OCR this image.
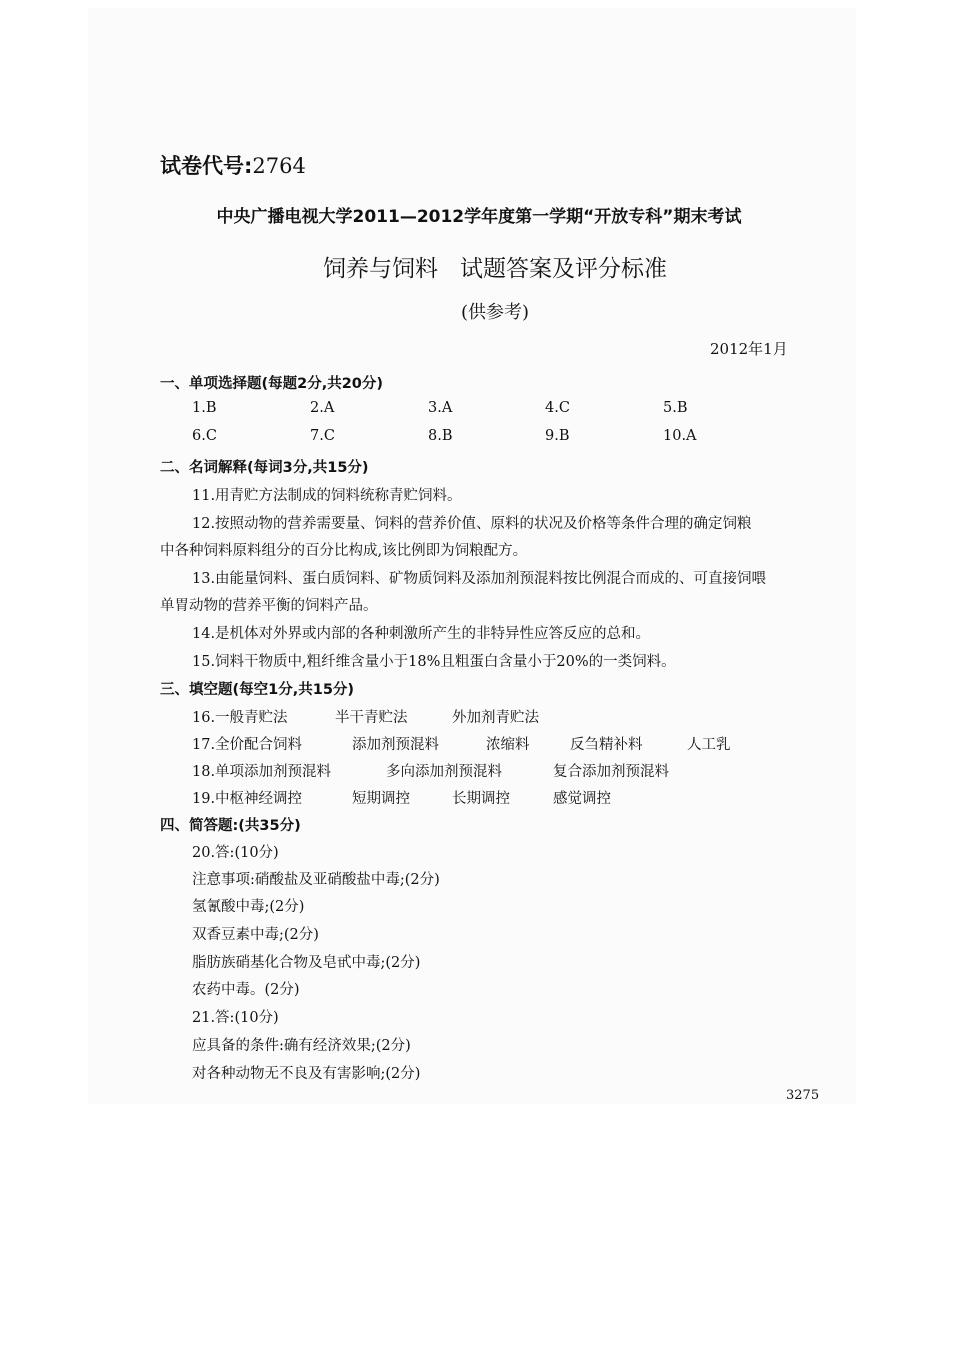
试卷代号:2764
中央广播电视大学2011—2012学年度第一学期“开放专科”期末考试
饲养与饲料   试题答案及评分标准
(供参考)
2012年1月
一、单项选择题(每题2分,共20分)
1.B	2.A	3.A	4.C	5.B
6.C	7.C	8.B	9.B	10.A
二、名词解释(每词3分,共15分)
11.用青贮方法制成的饲料统称青贮饲料。
12.按照动物的营养需要量、饲料的营养价值、原料的状况及价格等条件合理的确定饲粮
中各种饲料原料组分的百分比构成,该比例即为饲粮配方。
13.由能量饲料、蛋白质饲料、矿物质饲料及添加剂预混料按比例混合而成的、可直接饲喂
单胃动物的营养平衡的饲料产品。
14.是机体对外界或内部的各种刺激所产生的非特异性应答反应的总和。
15.饲料干物质中,粗纤维含量小于18%且粗蛋白含量小于20%的一类饲料。
三、填空题(每空1分,共15分)
16.一般青贮法	半干青贮法	外加剂青贮法
17.全价配合饲料	添加剂预混料	浓缩料	反刍精补料	人工乳
18.单项添加剂预混料	多向添加剂预混料	复合添加剂预混料
19.中枢神经调控	短期调控	长期调控	感觉调控
四、简答题:(共35分)
20.答:(10分)
注意事项:硝酸盐及亚硝酸盐中毒;(2分)
氢氰酸中毒;(2分)
双香豆素中毒;(2分)
脂肪族硝基化合物及皂甙中毒;(2分)
农药中毒。(2分)
21.答:(10分)
应具备的条件:确有经济效果;(2分)
对各种动物无不良及有害影响;(2分)
3275
